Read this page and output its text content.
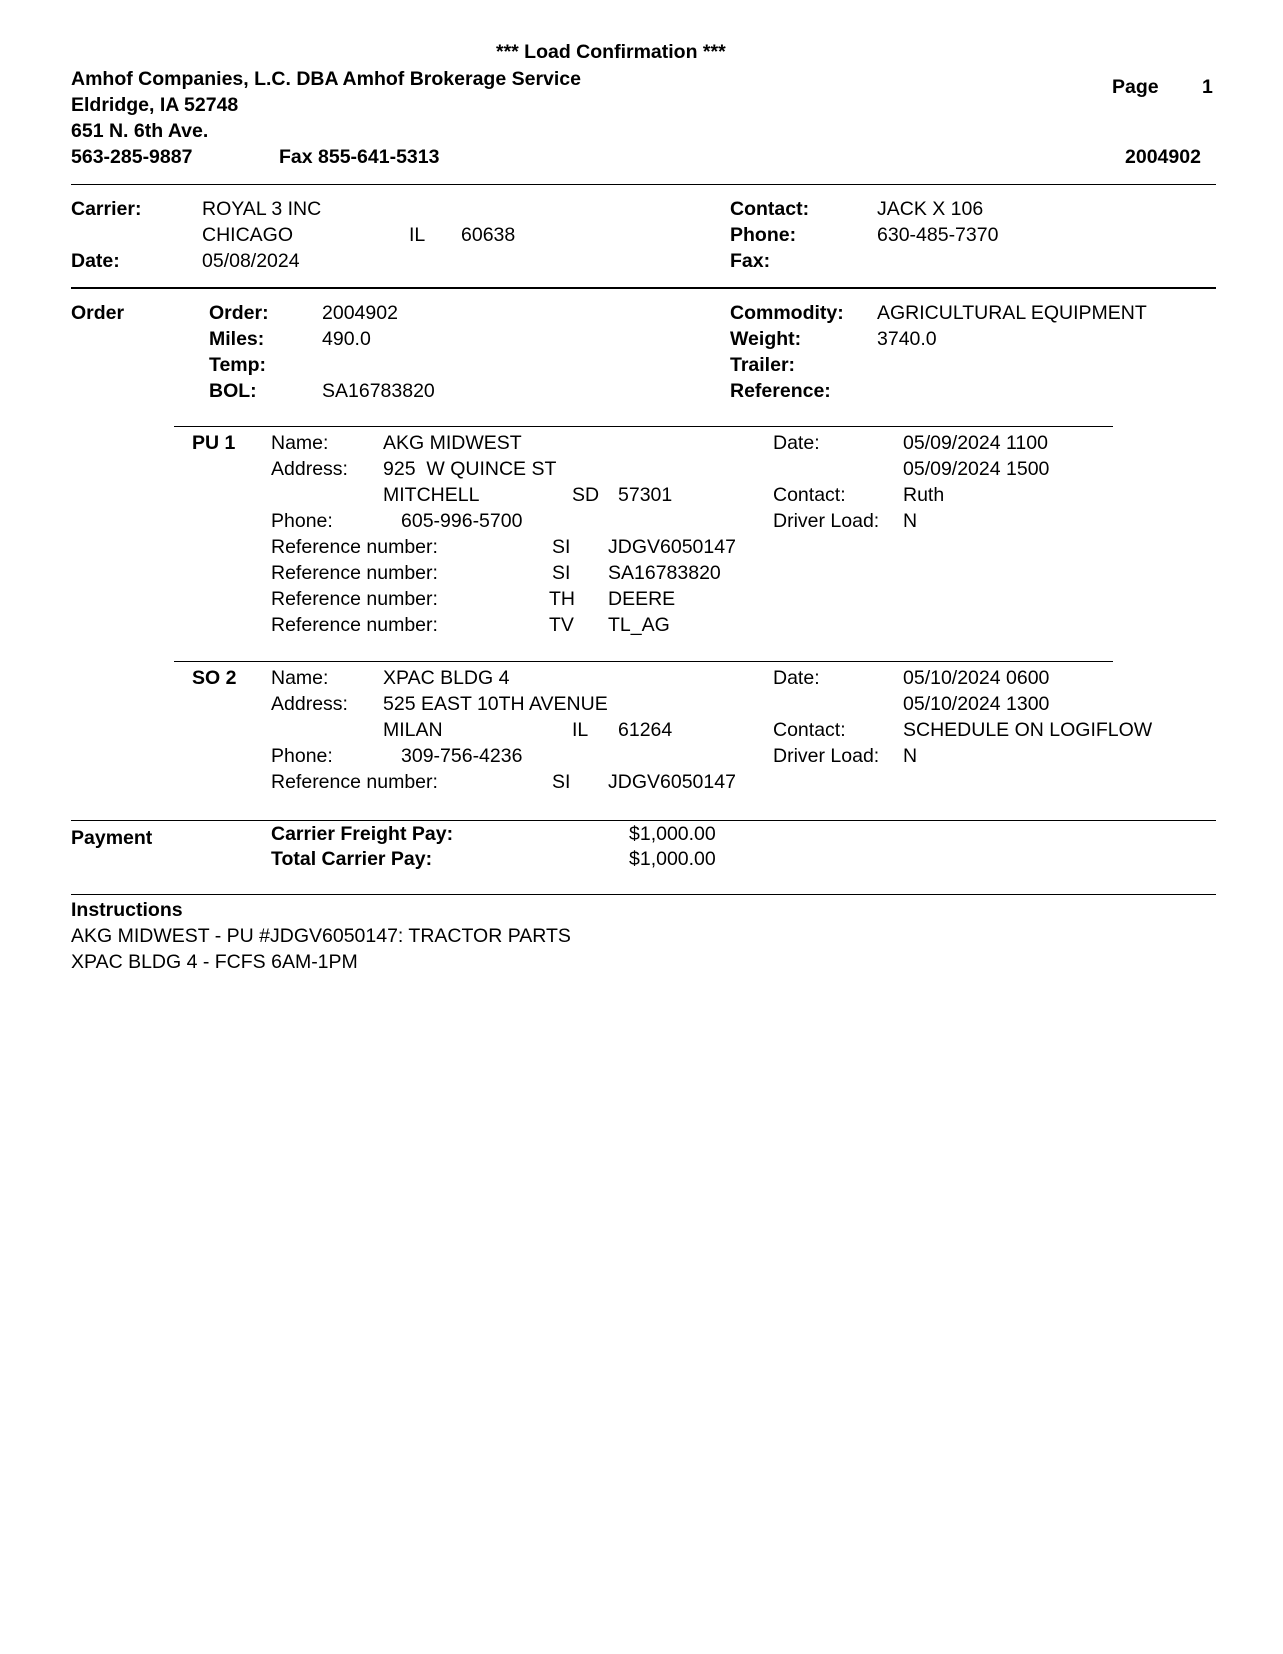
*** Load Confirmation ***
Amhof Companies, L.C. DBA Amhof Brokerage Service
Eldridge, IA 52748
651 N. 6th Ave.
563-285-9887	Fax 855-641-5313
Page 1
2004902
Carrier:	ROYAL 3 INC
CHICAGO	IL 60638
Date:	05/08/2024
Contact:	JACK X 106
Phone:	630-485-7370
Fax:
Order	Order:	2004902
Miles:	490.0
Temp:
BOL:	SA16783820
Commodity: AGRICULTURAL EQUIPMENT
Weight:	3740.0
Trailer:
Reference:
PU 1 Name:	AKG MIDWEST
Address: 925  W QUINCE ST
MITCHELL	SD 57301
Phone:	605-996-5700
Reference number:	SI JDGV6050147
Reference number:	SI SA16783820
Reference number:	TH DEERE
Reference number:	TV TL_AG
Date:	05/09/2024 1100
05/09/2024 1500
Contact:	Ruth
Driver Load: N
SO 2 Name:	XPAC BLDG 4
Address: 525 EAST 10TH AVENUE
MILAN	IL 61264
Phone:	309-756-4236
Reference number:	SI JDGV6050147
Date:	05/10/2024 0600
05/10/2024 1300
Contact:	SCHEDULE ON LOGIFLOW
Driver Load: N
Payment	Carrier Freight Pay:	$1,000.00
Total Carrier Pay:	$1,000.00
Instructions
AKG MIDWEST - PU #JDGV6050147: TRACTOR PARTS
XPAC BLDG 4 - FCFS 6AM-1PM
